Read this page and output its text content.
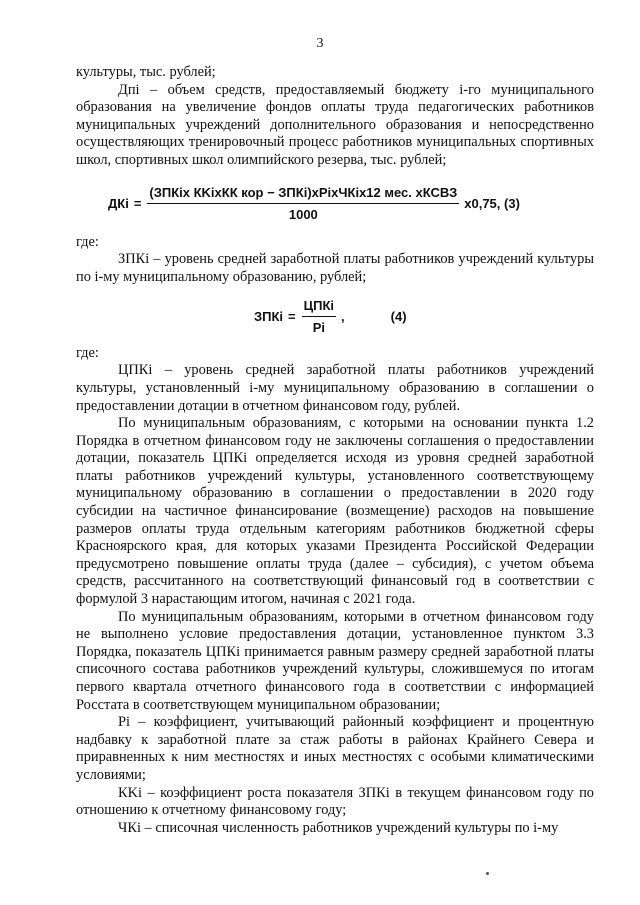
3

культуры, тыс. рублей;

Дпi – объем средств, предоставляемый бюджету i-го муниципального образования на увеличение фондов оплаты труда педагогических работников муниципальных учреждений дополнительного образования и непосредственно осуществляющих тренировочный процесс работников муниципальных спортивных школ, спортивных школ олимпийского резерва, тыс. рублей;

ДКi = $\frac{\text{(ЗПКiх КKiхКК кор − ЗПКi)хРiхЧКiх12 мес. хКСВЗ}}{1000} х0,75$, (3)

где:

ЗПКi – уровень средней заработной платы работников учреждений культуры по i-му муниципальному образованию, рублей;

ЗПКi = $\frac{\text{ЦПКi}}{Рi}$ ,	(4)

где:

ЦПКi – уровень средней заработной платы работников учреждений культуры, установленный i-му муниципальному образованию в соглашении о предоставлении дотации в отчетном финансовом году, рублей.

По муниципальным образованиям, с которыми на основании пункта 1.2 Порядка в отчетном финансовом году не заключены соглашения о предоставлении дотации, показатель ЦПКi определяется исходя из уровня средней заработной платы работников учреждений культуры, установленного соответствующему муниципальному образованию в соглашении о предоставлении в 2020 году субсидии на частичное финансирование (возмещение) расходов на повышение размеров оплаты труда отдельным категориям работников бюджетной сферы Красноярского края, для которых указами Президента Российской Федерации предусмотрено повышение оплаты труда (далее – субсидия), с учетом объема средств, рассчитанного на соответствующий финансовый год в соответствии с формулой 3 нарастающим итогом, начиная с 2021 года.

По муниципальным образованиям, которыми в отчетном финансовом году не выполнено условие предоставления дотации, установленное пунктом 3.3 Порядка, показатель ЦПКi принимается равным размеру средней заработной платы списочного состава работников учреждений культуры, сложившемуся по итогам первого квартала отчетного финансового года в соответствии с информацией Росстата в соответствующем муниципальном образовании;

Рi – коэффициент, учитывающий районный коэффициент и процентную надбавку к заработной плате за стаж работы в районах Крайнего Севера и приравненных к ним местностях и иных местностях с особыми климатическими условиями;

КKi – коэффициент роста показателя ЗПКi в текущем финансовом году по отношению к отчетному финансовому году;

ЧКi – списочная численность работников учреждений культуры по i-му
